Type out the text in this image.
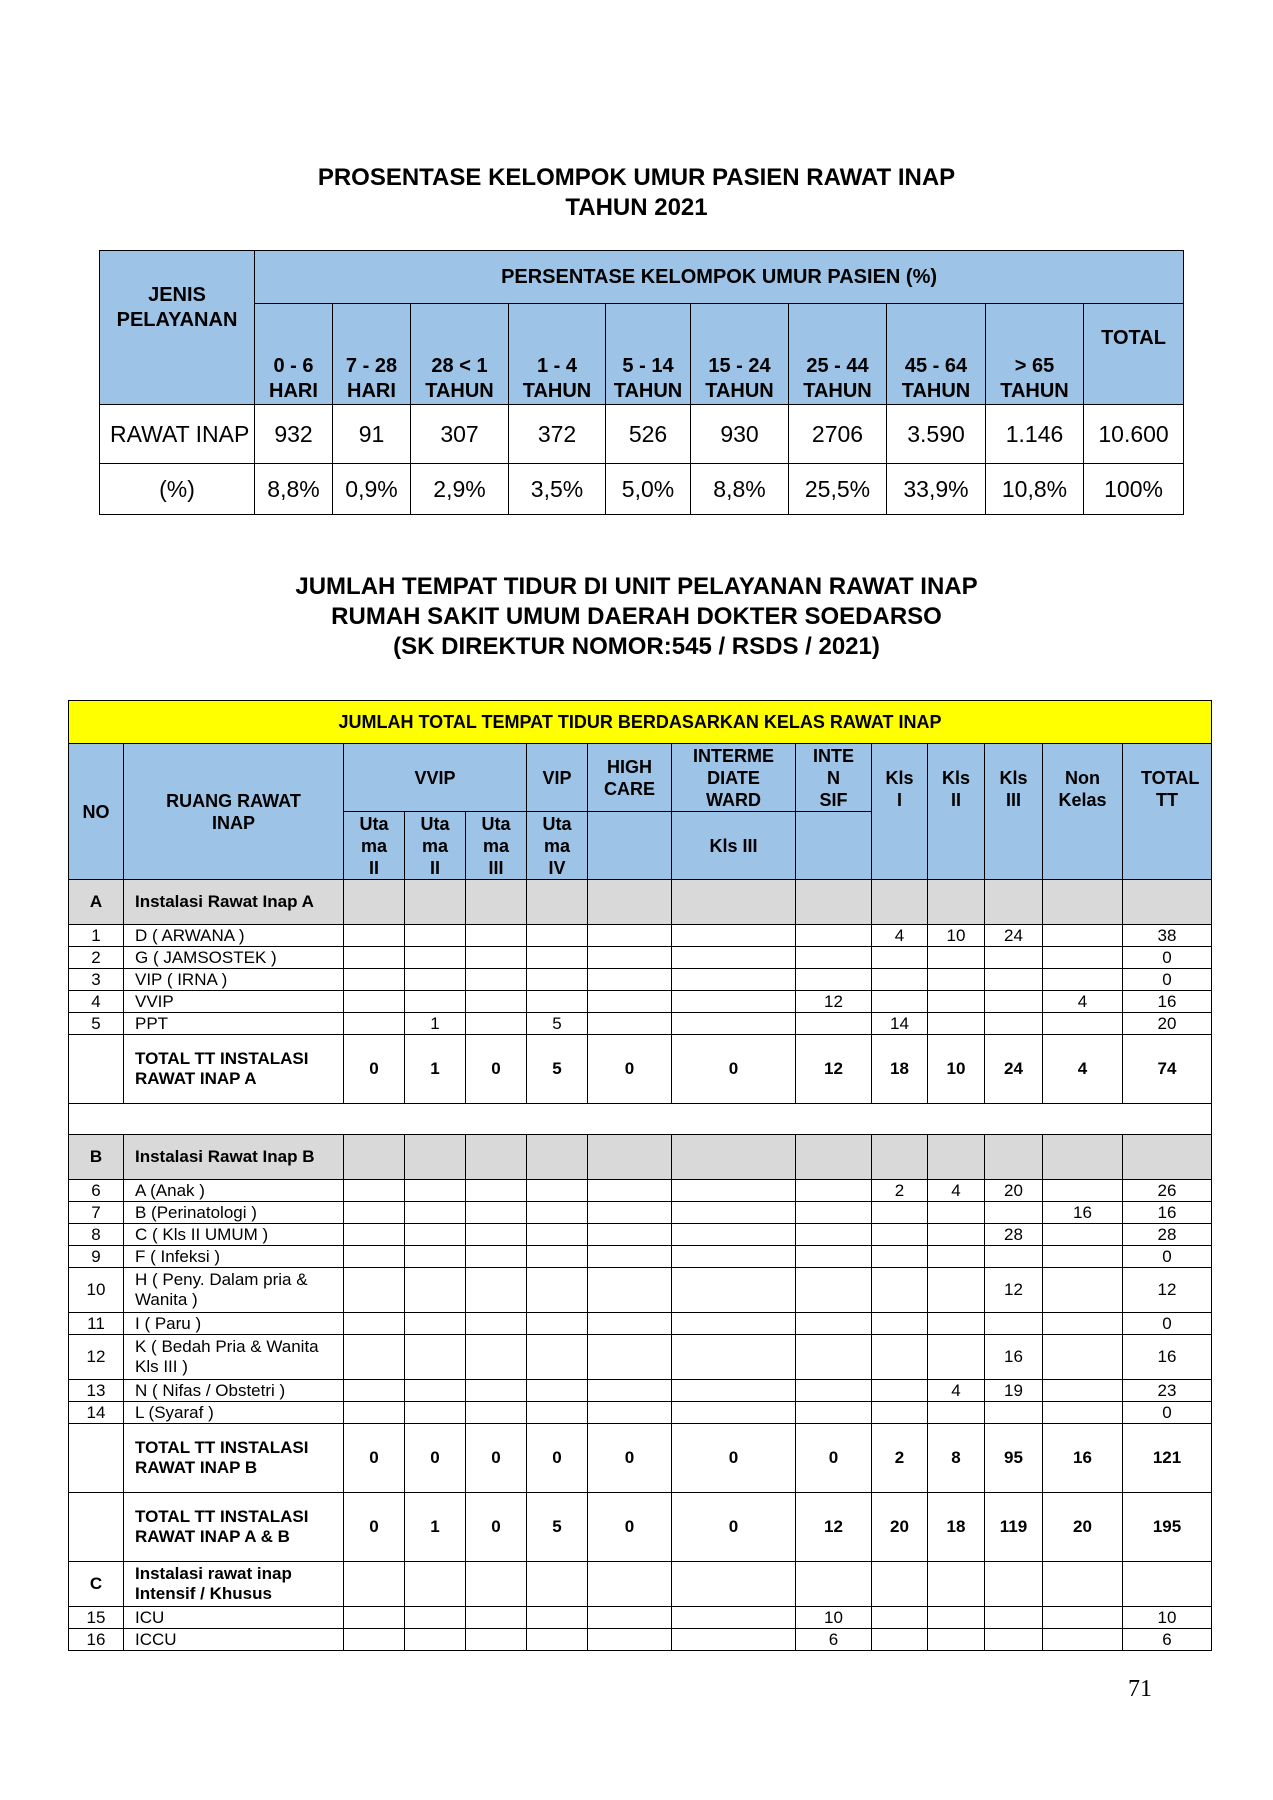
PROSENTASE KELOMPOK UMUR PASIEN RAWAT INAP
TAHUN 2021
JENIS PELAYANAN	PERSENTASE KELOMPOK UMUR PASIEN (%)									
	0 - 6 HARI	7 - 28 HARI	28 < 1 TAHUN	1 - 4 TAHUN	5 - 14 TAHUN	15 - 24 TAHUN	25 - 44 TAHUN	45 - 64 TAHUN	> 65 TAHUN	TOTAL
RAWAT INAP	932	91	307	372	526	930	2706	3.590	1.146	10.600
(%)	8,8%	0,9%	2,9%	3,5%	5,0%	8,8%	25,5%	33,9%	10,8%	100%
JUMLAH TEMPAT TIDUR DI UNIT PELAYANAN RAWAT INAP
RUMAH SAKIT UMUM DAERAH DOKTER SOEDARSO
(SK DIREKTUR NOMOR:545 / RSDS / 2021)
JUMLAH TOTAL TEMPAT TIDUR BERDASARKAN KELAS RAWAT INAP													
NO	RUANG RAWAT INAP	VVIP			VIP	HIGH CARE	INTERME DIATE WARD	INTE N SIF	Kls I	Kls II	Kls III	Non Kelas	TOTAL TT
		Uta ma II	Uta ma II	Uta ma III	Uta ma IV		Kls III						
A	Instalasi Rawat Inap A												
1	D ( ARWANA )								4	10	24		38
2	G ( JAMSOSTEK )												0
3	VIP ( IRNA )												0
4	VVIP							12				4	16
5	PPT		1		5				14				20
	TOTAL TT INSTALASI RAWAT INAP A	0	1	0	5	0	0	12	18	10	24	4	74

B	Instalasi Rawat Inap B												
6	A (Anak )								2	4	20		26
7	B (Perinatologi )											16	16
8	C ( Kls II UMUM )										28		28
9	F ( Infeksi )												0
10	H ( Peny. Dalam pria & Wanita )										12		12
11	I ( Paru )												0
12	K ( Bedah Pria & Wanita Kls III )										16		16
13	N ( Nifas / Obstetri )									4	19		23
14	L (Syaraf )												0
	TOTAL TT INSTALASI RAWAT INAP B	0	0	0	0	0	0	0	2	8	95	16	121
	TOTAL TT INSTALASI RAWAT INAP A & B	0	1	0	5	0	0	12	20	18	119	20	195
C	Instalasi rawat inap Intensif / Khusus												
15	ICU							10					10
16	ICCU							6					6
71
